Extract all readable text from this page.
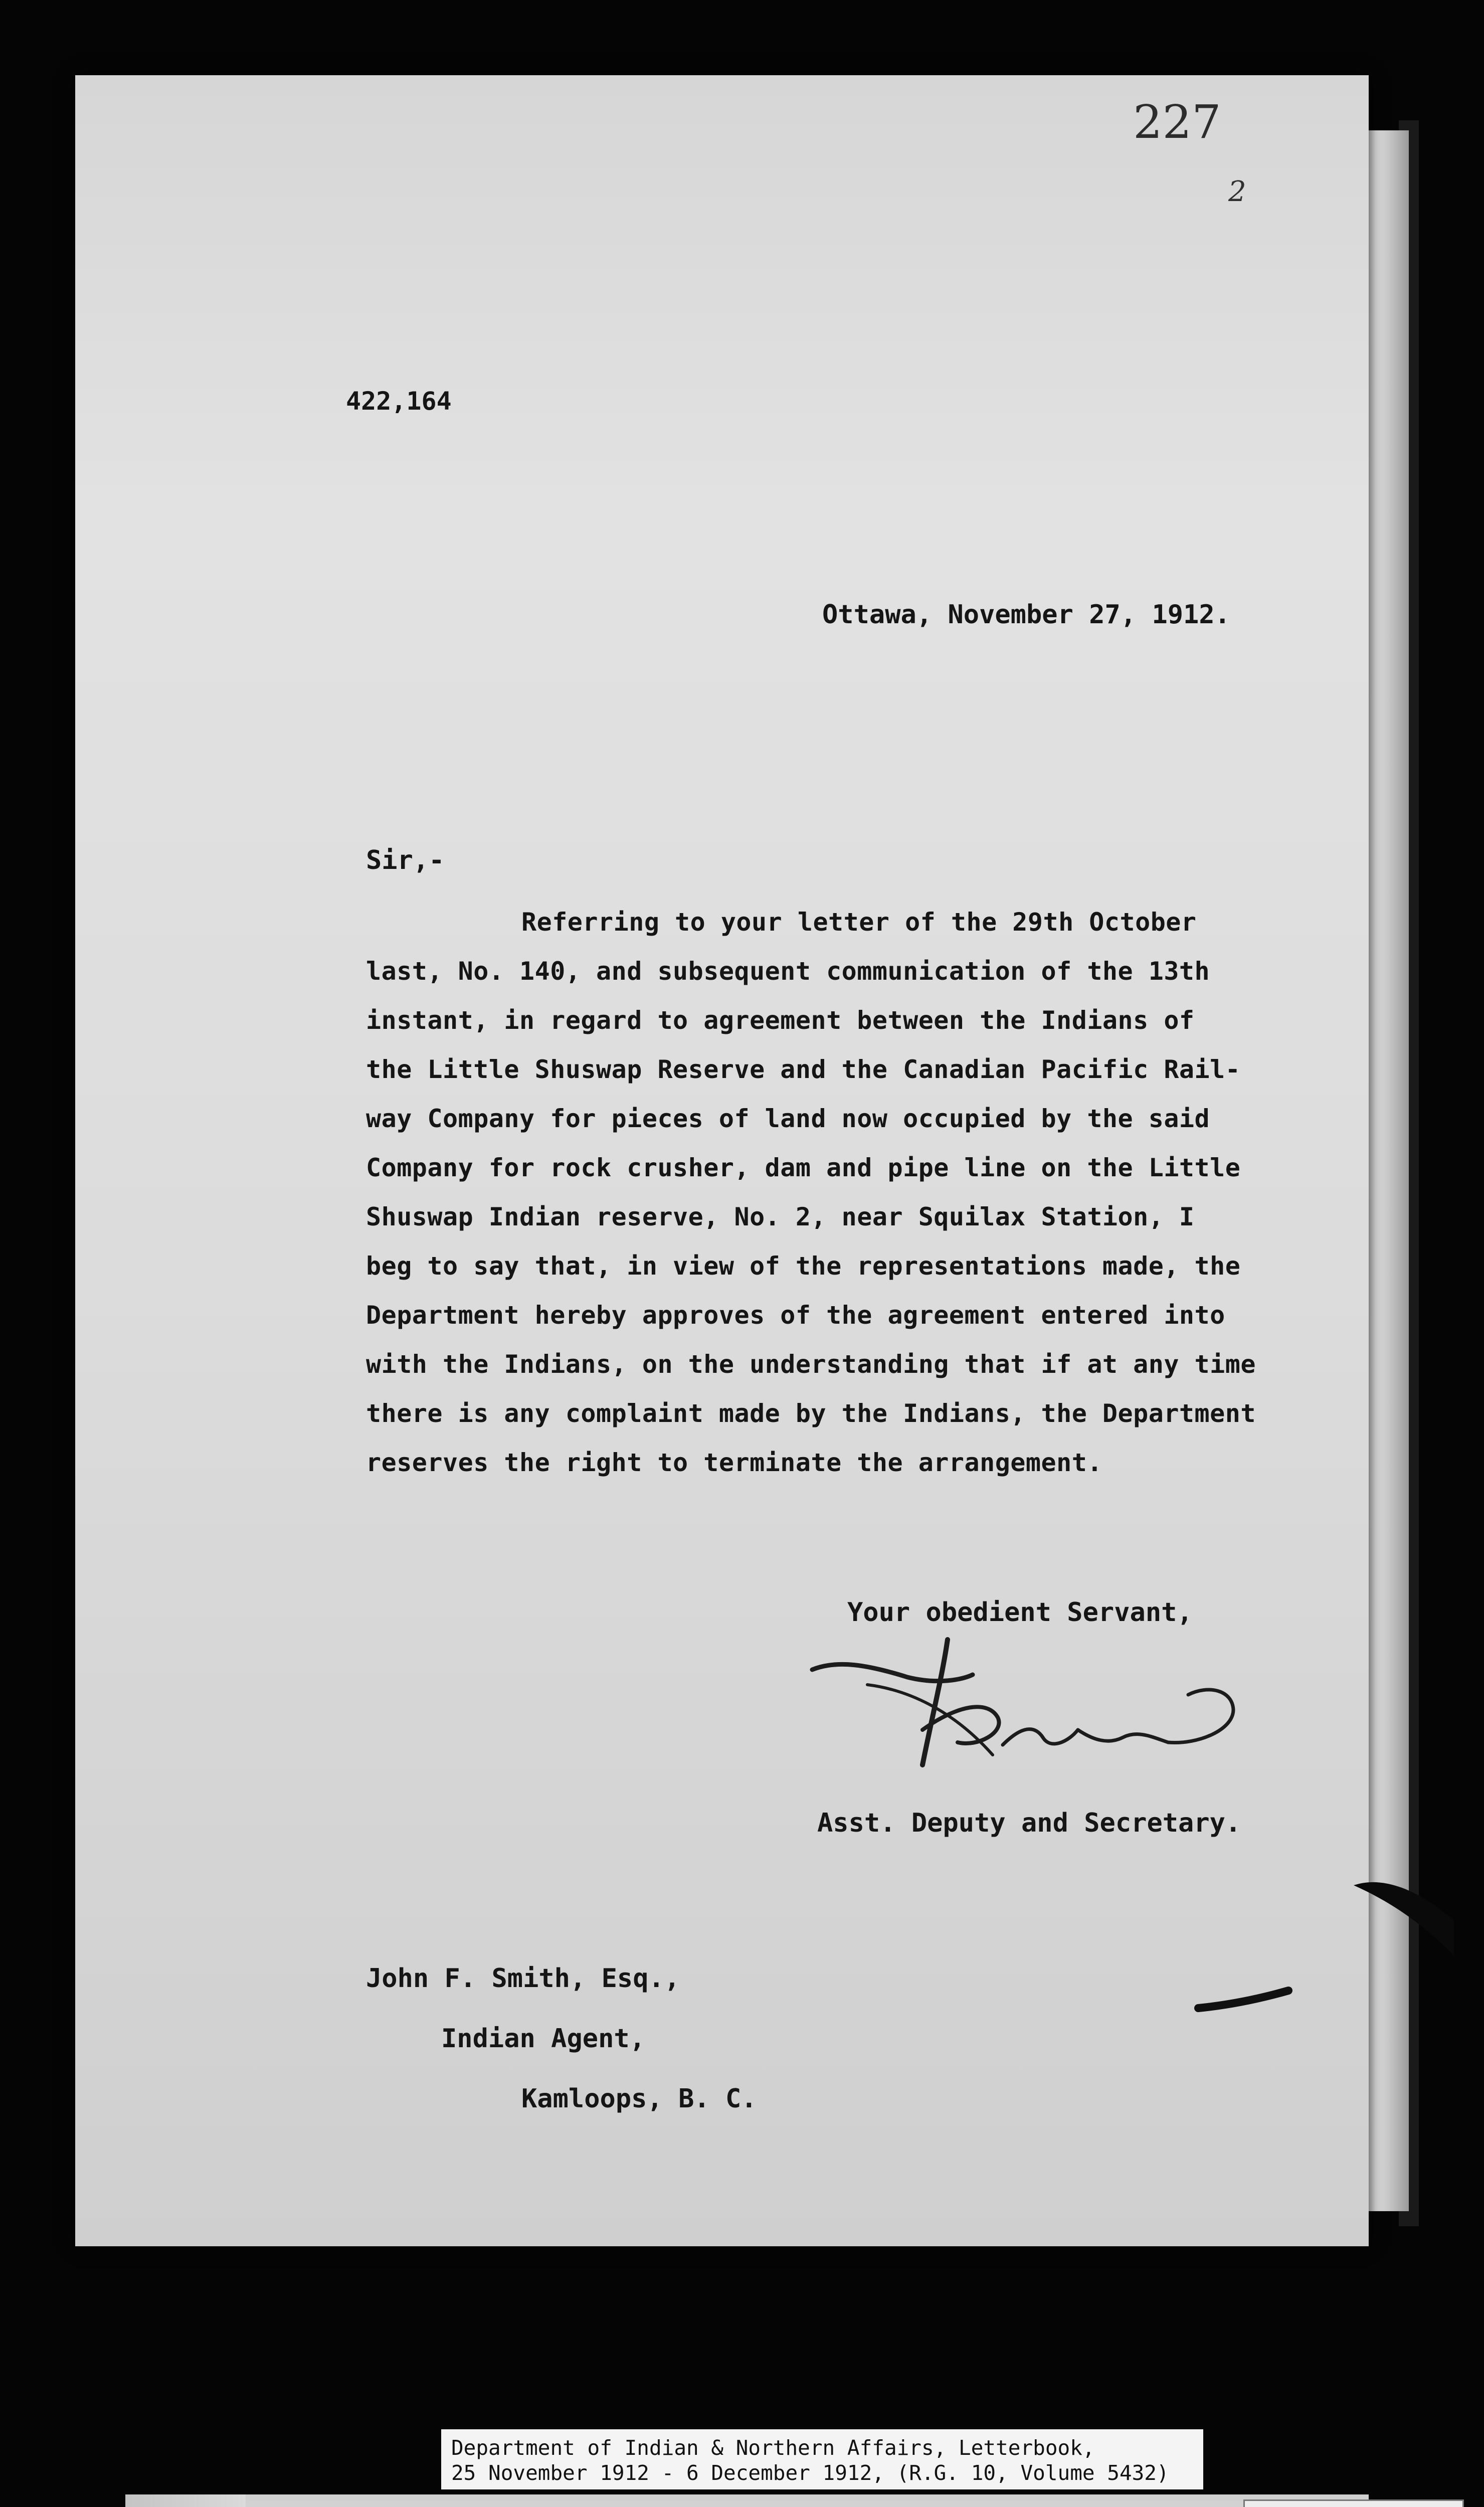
227
2
422,164
Ottawa, November 27, 1912.
Sir,-
Referring to your letter of the 29th October
last, No. 140, and subsequent communication of the 13th
instant, in regard to agreement between the Indians of
the Little Shuswap Reserve and the Canadian Pacific Rail-
way Company for pieces of land now occupied by the said
Company for rock crusher, dam and pipe line on the Little
Shuswap Indian reserve, No. 2, near Squilax Station, I
beg to say that, in view of the representations made, the
Department hereby approves of the agreement entered into
with the Indians, on the understanding that if at any time
there is any complaint made by the Indians, the Department
reserves the right to terminate the arrangement.
Your obedient Servant,
Asst. Deputy and Secretary.
John F. Smith, Esq.,
Indian Agent,
Kamloops, B. C.
Department of Indian & Northern Affairs, Letterbook,
25 November 1912 - 6 December 1912, (R.G. 10, Volume 5432)
